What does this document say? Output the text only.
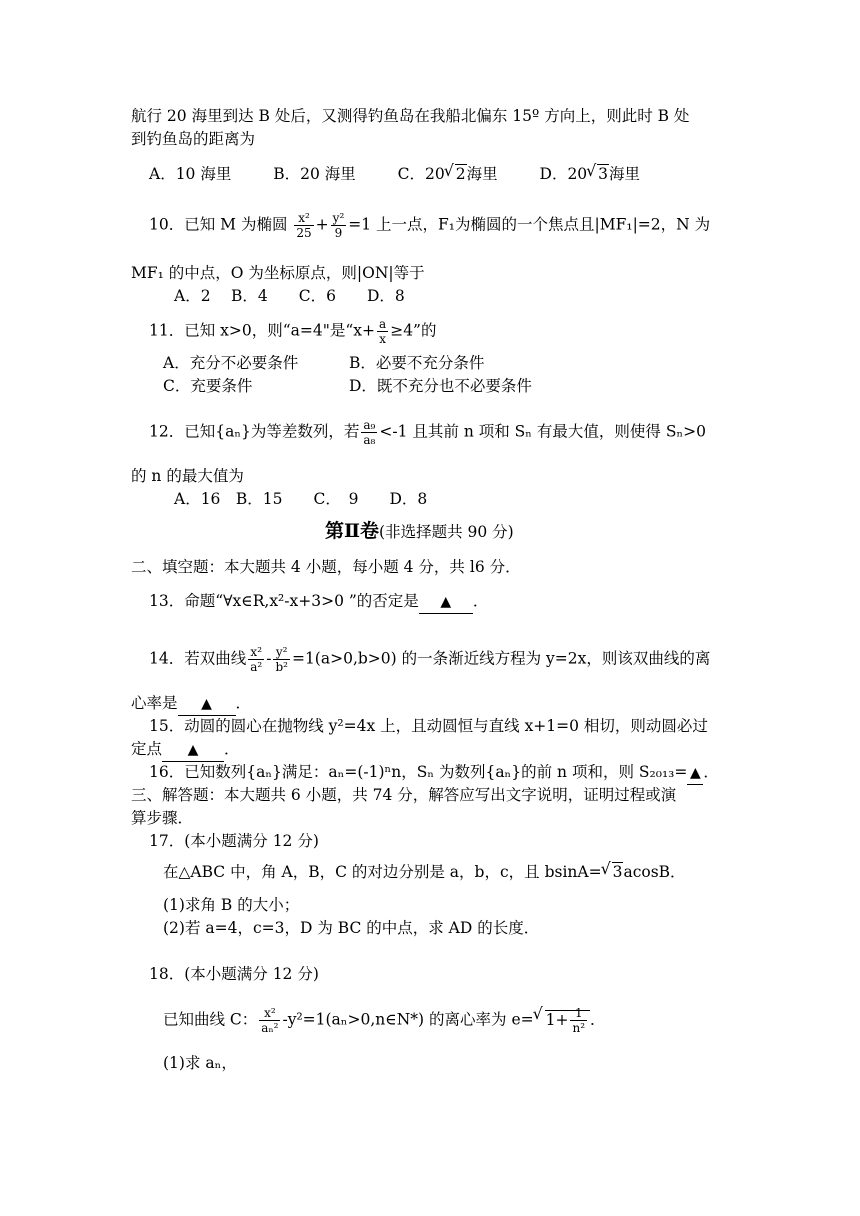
航行 20 海里到达 B 处后，又测得钓鱼岛在我船北偏东 15º 方向上，则此时 B 处
到钓鱼岛的距离为
A．10 海里	B．20 海里	C．20 √ 2海里	D．20 √ 3海里
10．已知 M 为椭圆 $\frac{\text{x²}}{25} + \frac{\text{y²}}{9} =1$ 上一点，F₁为椭圆的一个焦点且|MF₁|=2，N 为
MF₁ 的中点，O 为坐标原点，则|ON|等于
A．2　 B．4　　C．6　　D．8
11．已知 x>0，则“a=4"是“$x+ \frac{a}{x} \ge 4$”的
A．充分不必要条件	B．必要不充分条件
C．充要条件	D．既不充分也不必要条件
12．已知{aₙ}为等差数列，若 $\frac{\text{a₉}}{\text{a₈}} <-1$ 且其前 n 项和 Sₙ 有最大值，则使得 Sₙ>0
的 n 的最大值为
A．16　B．15　　C．　9　　D．8
第Ⅱ卷(非选择题共 90 分)
二、填空题：本大题共 4 小题，每小题 4 分，共 l6 分．
13．命题“∀x∈R,x²-x+3>0 ”的否定是 ▲ ．
14．若双曲线 $\frac{\text{x²}}{\text{a²}} - \frac{\text{y²}}{\text{b²}} =1(a>0,b>0)$ 的一条渐近线方程为 y=2x，则该双曲线的离
心率是 ▲ ．
15．动圆的圆心在抛物线 y²=4x 上，且动圆恒与直线 x+1=0 相切，则动圆必过
定点 ▲ ．
16．已知数列{aₙ}满足：aₙ=(-1)ⁿn，Sₙ 为数列{aₙ}的前 n 项和，则 S₂₀₁₃= ▲ ．
三、解答题：本大题共 6 小题，共 74 分，解答应写出文字说明，证明过程或演
算步骤．
17．(本小题满分 12 分)
在△ABC 中，角 A，B，C 的对边分别是 a，b，c，且 bsinA= √ 3acosB．
(1)求角 B 的大小；
(2)若 a=4，c=3，D 为 BC 的中点，求 AD 的长度．
18．(本小题满分 12 分)
已知曲线 C： $\frac{\text{x²}}{\text{aₙ²}}$ -y²=1(aₙ>0,n∈N*) 的离心率为 e= √ $1+ \frac{1}{\text{n²}}$ ．
(1)求 aₙ，
